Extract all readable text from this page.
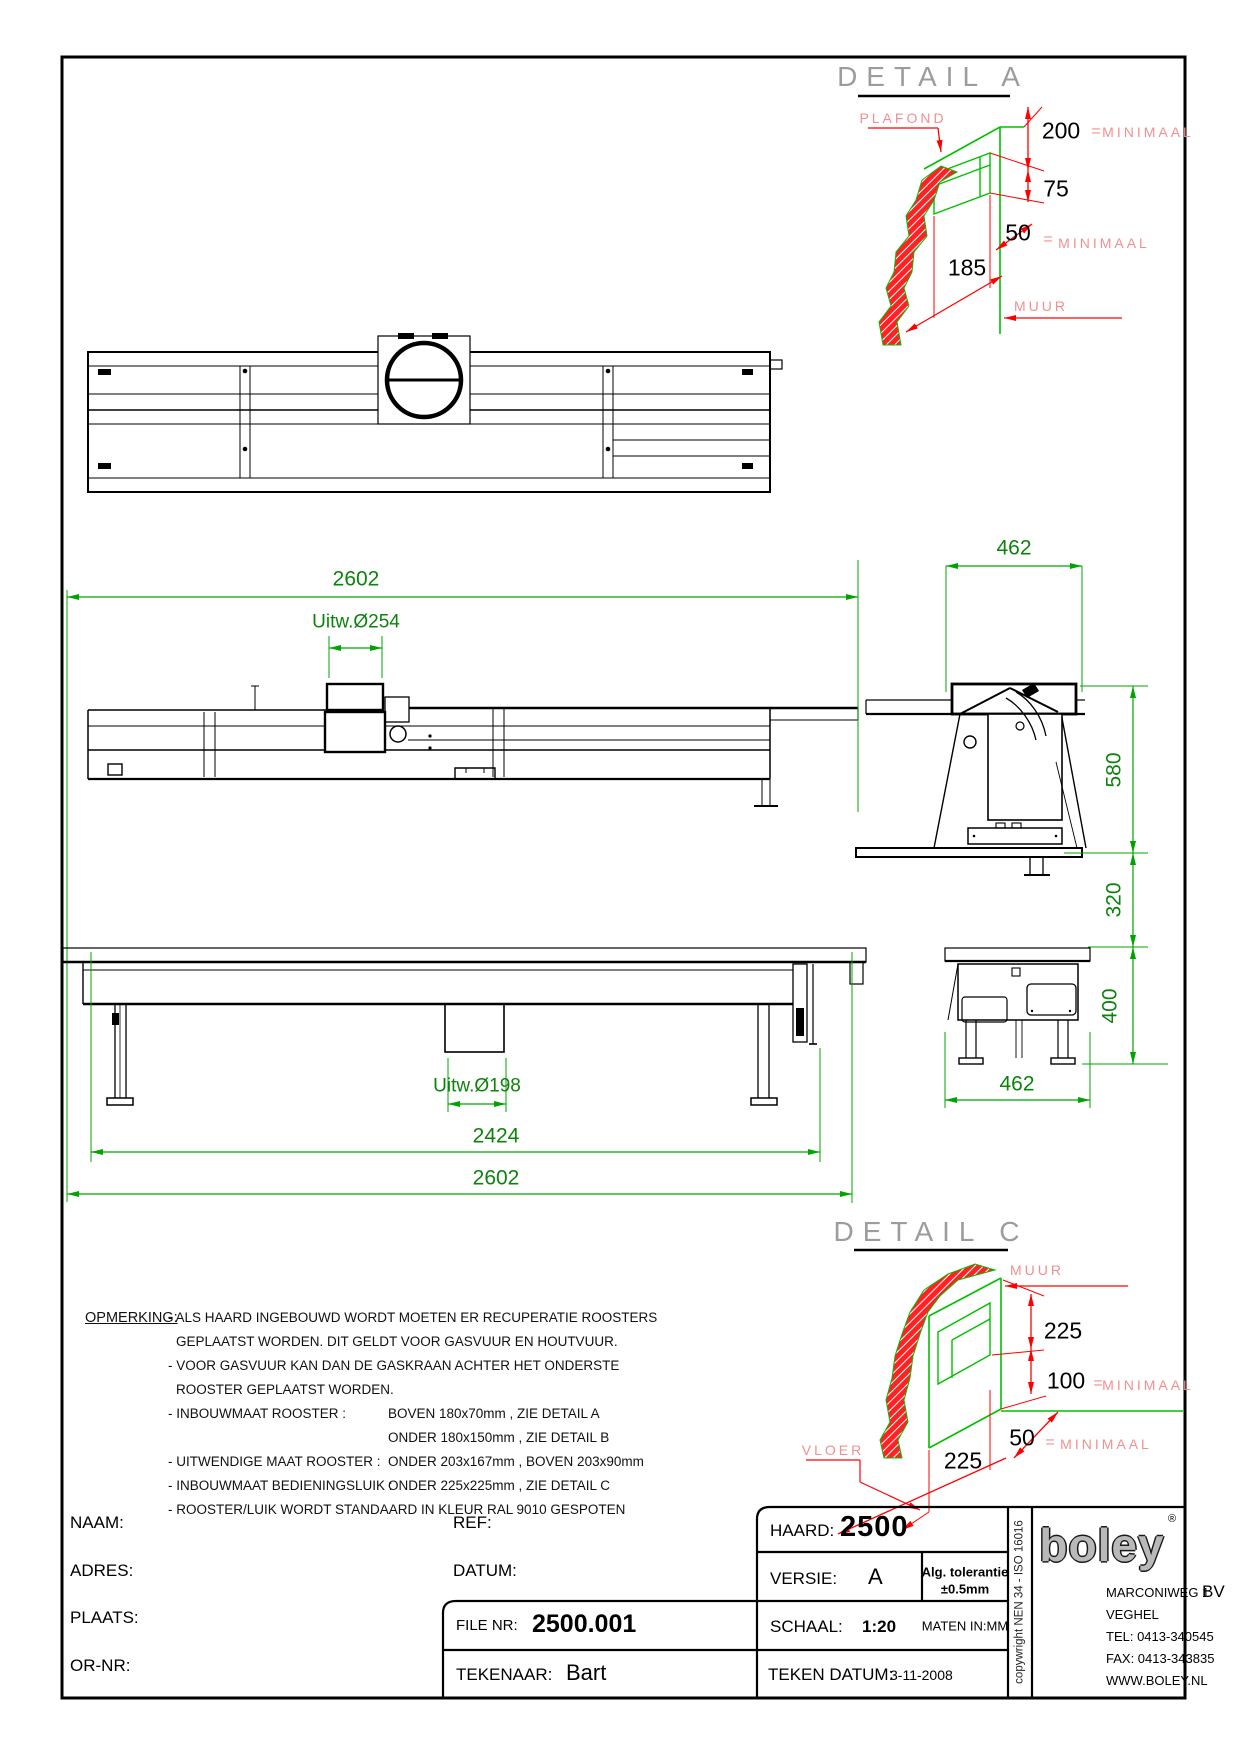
DETAIL A
PLAFOND
MUUR
200 = MINIMAAL
75
50 = MINIMAAL
185
2602
Uitw.Ø254
462
580
320
400
462
Uitw.Ø198
2424
2602
DETAIL C
MUUR
VLOER
225
100 = MINIMAAL
50 = MINIMAAL
225
OPMERKING:
- ALS HAARD INGEBOUWD WORDT MOETEN ER RECUPERATIE ROOSTERS
GEPLAATST WORDEN. DIT GELDT VOOR GASVUUR EN HOUTVUUR.
- VOOR GASVUUR KAN DAN DE GASKRAAN ACHTER HET ONDERSTE
ROOSTER GEPLAATST WORDEN.
- INBOUWMAAT ROOSTER :	BOVEN 180x70mm , ZIE DETAIL A
ONDER 180x150mm , ZIE DETAIL B
- UITWENDIGE MAAT ROOSTER : ONDER 203x167mm , BOVEN 203x90mm
- INBOUWMAAT BEDIENINGSLUIK :
ONDER 225x225mm , ZIE DETAIL C
- ROOSTER/LUIK WORDT STANDAARD IN KLEUR RAL 9010 GESPOTEN
NAAM:
ADRES:
PLAATS:
OR-NR:
REF:
DATUM:
FILE NR: 2500.001
TEKENAAR: Bart
HAARD: 2500
VERSIE: A	Alg. tolerantie
±0.5mm
SCHAAL: 1:20 MATEN IN:MM
TEKEN DATUM:
3-11-2008	copywright NEN 34 - ISO 16016 boley ®
MARCONIWEG 1
BV
VEGHEL
TEL: 0413-340545
FAX: 0413-343835
WWW.BOLEY.NL
